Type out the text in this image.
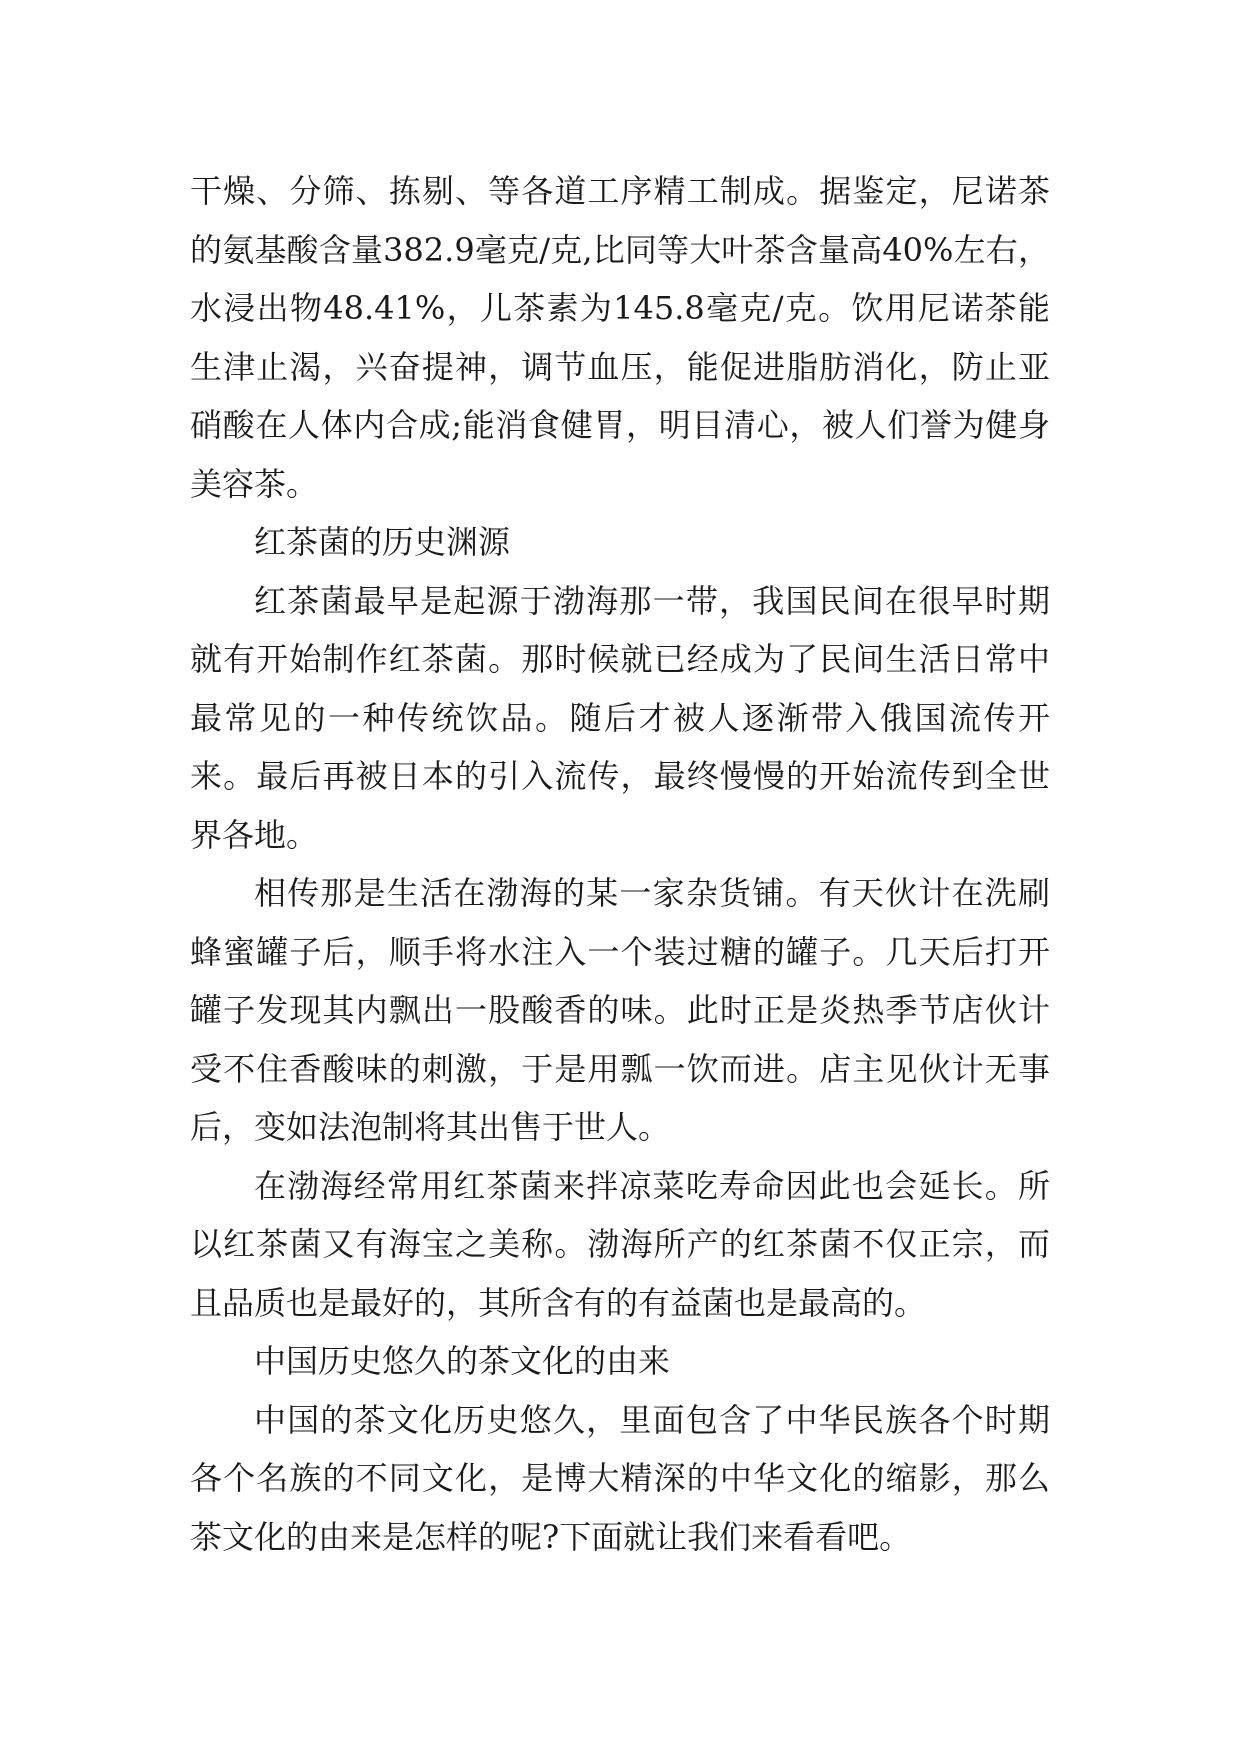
干燥、分筛、拣剔、等各道工序精工制成。据鉴定，尼诺茶的氨基酸含量382.9毫克/克,比同等大叶茶含量高40%左右，水浸出物48.41%，儿茶素为145.8毫克/克。饮用尼诺茶能生津止渴，兴奋提神，调节血压，能促进脂肪消化，防止亚硝酸在人体内合成;能消食健胃，明目清心，被人们誉为健身美容茶。

红茶菌的历史渊源

红茶菌最早是起源于渤海那一带，我国民间在很早时期就有开始制作红茶菌。那时候就已经成为了民间生活日常中最常见的一种传统饮品。随后才被人逐渐带入俄国流传开来。最后再被日本的引入流传，最终慢慢的开始流传到全世界各地。

相传那是生活在渤海的某一家杂货铺。有天伙计在洗刷蜂蜜罐子后，顺手将水注入一个装过糖的罐子。几天后打开罐子发现其内飘出一股酸香的味。此时正是炎热季节店伙计受不住香酸味的刺激，于是用瓢一饮而进。店主见伙计无事后，变如法泡制将其出售于世人。

在渤海经常用红茶菌来拌凉菜吃寿命因此也会延长。所以红茶菌又有海宝之美称。渤海所产的红茶菌不仅正宗，而且品质也是最好的，其所含有的有益菌也是最高的。

中国历史悠久的茶文化的由来

中国的茶文化历史悠久，里面包含了中华民族各个时期各个名族的不同文化，是博大精深的中华文化的缩影，那么茶文化的由来是怎样的呢?下面就让我们来看看吧。
